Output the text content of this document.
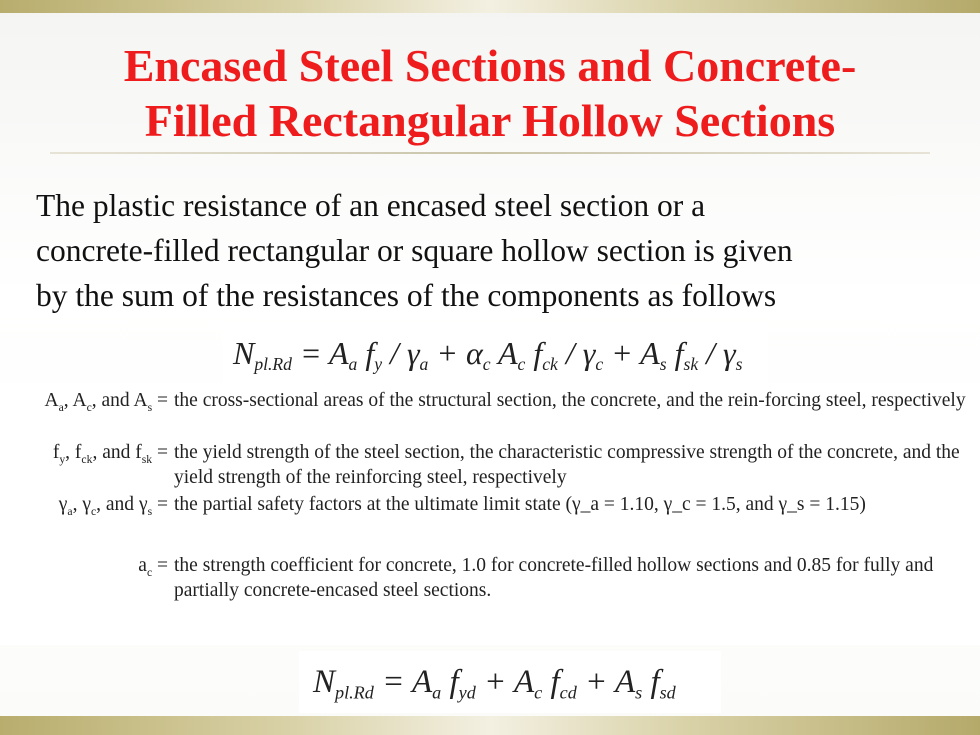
Encased Steel Sections and Concrete-
Filled Rectangular Hollow Sections
The plastic resistance of an encased steel section or a
concrete-filled rectangular or square hollow section is given
by the sum of the resistances of the components as follows
$N_{pl.Rd} = A_a$ $f_y / \gamma_a + \alpha_c$ $A_c$ $f_{ck} / \gamma_c + A_s$ $f_{sk} / \gamma_s$
$A_a$, $A_c$, and $A_s$ = the cross-sectional areas of the structural section, the concrete, and the rein-forcing steel, respectively
$f_y$, $f_{ck}$, and $f_{sk}$ = the yield strength of the steel section, the characteristic compressive strength of the concrete, and the yield strength of the reinforcing steel, respectively
$\gamma_a$, $\gamma_c$, and $\gamma_s$ = the partial safety factors at the ultimate limit state (γ_a = 1.10, γ_c = 1.5, and γ_s = 1.15)
$a_c$ = the strength coefficient for concrete, 1.0 for concrete-filled hollow sections and 0.85 for fully and partially concrete-encased steel sections.
$N_{pl.Rd} = A_a$ $f_{yd} + A_c$ $f_{cd} + A_s$ $f_{sd}$
